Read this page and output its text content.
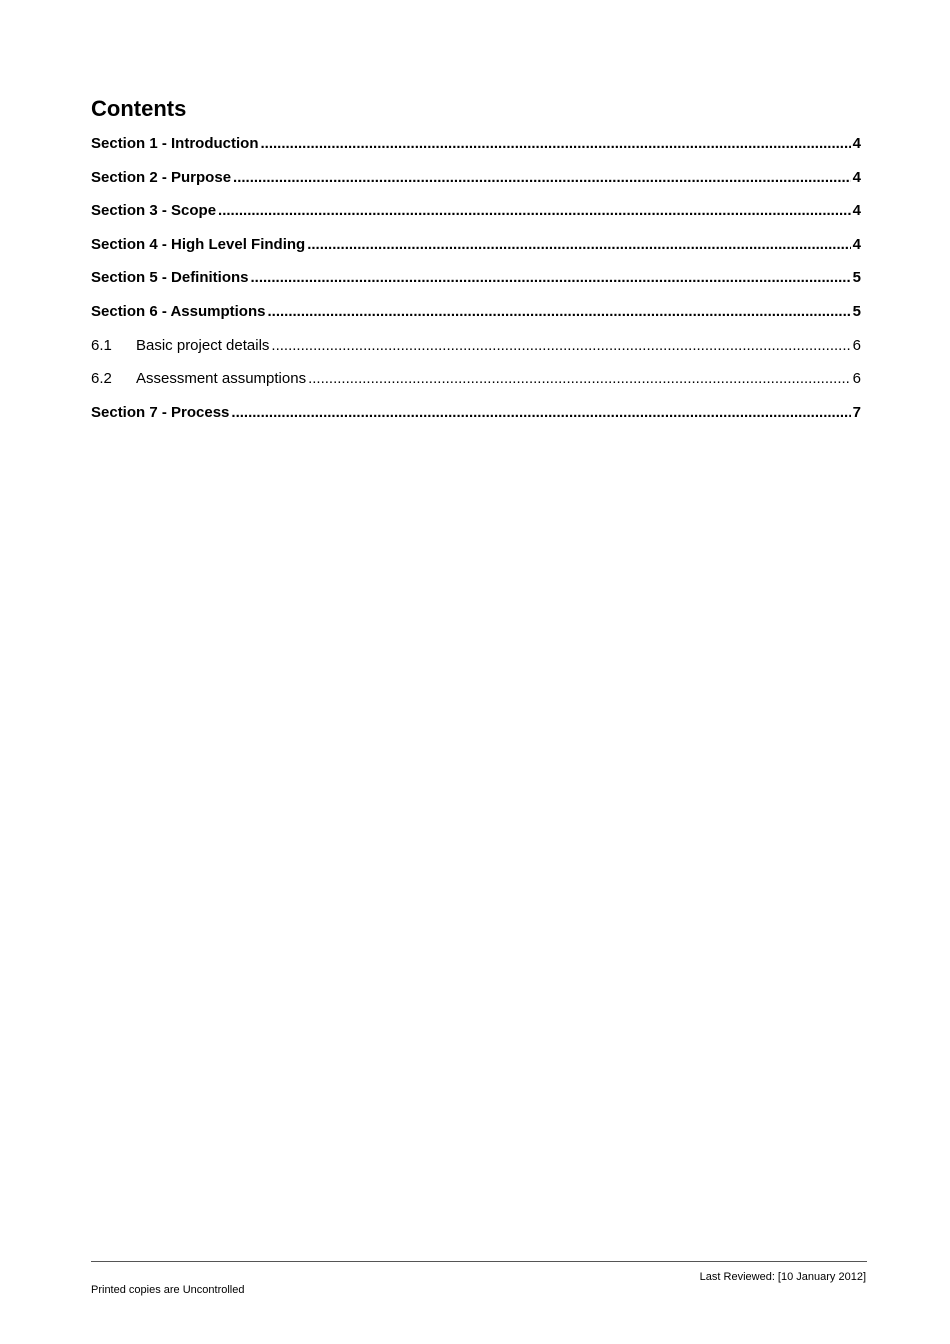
Contents
Section 1 - Introduction .....	4
Section 2 - Purpose .....	4
Section 3 - Scope .....	4
Section 4 - High Level Finding .....	4
Section 5 - Definitions .....	5
Section 6 - Assumptions .....	5
6.1	Basic project details .....	6
6.2	Assessment assumptions .....	6
Section 7 - Process .....	7
Last Reviewed: [10 January 2012]
Printed copies are Uncontrolled
